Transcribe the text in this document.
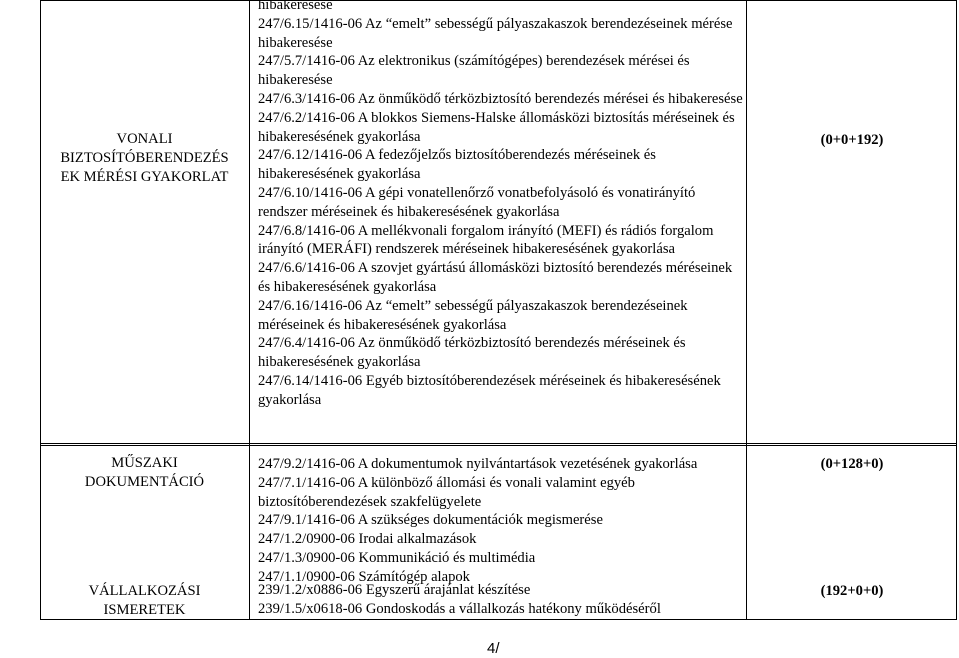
VONALI
BIZTOSÍTÓBERENDEZÉS
EK MÉRÉSI GYAKORLAT

hibakeresése

247/6.15/1416-06 Az “emelt” sebességű pályaszakaszok berendezéseinek mérése hibakeresése

247/5.7/1416-06 Az elektronikus (számítógépes) berendezések mérései és hibakeresése

247/6.3/1416-06 Az önműködő térközbiztosító berendezés mérései és hibakeresése

247/6.2/1416-06 A blokkos Siemens-Halske állomásközi biztosítás méréseinek és hibakeresésének gyakorlása

247/6.12/1416-06 A fedezőjelzős biztosítóberendezés méréseinek és hibakeresésének gyakorlása

247/6.10/1416-06 A gépi vonatellenőrző vonatbefolyásoló és vonatirányító rendszer méréseinek és hibakeresésének gyakorlása

247/6.8/1416-06 A mellékvonali forgalom irányító (MEFI) és rádiós forgalom irányító (MERÁFI) rendszerek méréseinek hibakeresésének gyakorlása

247/6.6/1416-06 A szovjet gyártású állomásközi biztosító berendezés méréseinek és hibakeresésének gyakorlása

247/6.16/1416-06 Az “emelt” sebességű pályaszakaszok berendezéseinek méréseinek és hibakeresésének gyakorlása

247/6.4/1416-06 Az önműködő térközbiztosító berendezés méréseinek és hibakeresésének gyakorlása

247/6.14/1416-06 Egyéb biztosítóberendezések méréseinek és hibakeresésének gyakorlása

(0+0+192)
MŰSZAKI
DOKUMENTÁCIÓ

247/9.2/1416-06 A dokumentumok nyilvántartások vezetésének gyakorlása

247/7.1/1416-06 A különböző állomási és vonali valamint egyéb biztosítóberendezések szakfelügyelete

247/9.1/1416-06 A szükséges dokumentációk megismerése

247/1.2/0900-06 Irodai alkalmazások

247/1.3/0900-06 Kommunikáció és multimédia

247/1.1/0900-06 Számítógép alapok

(0+128+0)
VÁLLALKOZÁSI
ISMERETEK

239/1.2/x0886-06 Egyszerű árajánlat készítése

239/1.5/x0618-06 Gondoskodás a vállalkozás hatékony működéséről

(192+0+0)
4/
